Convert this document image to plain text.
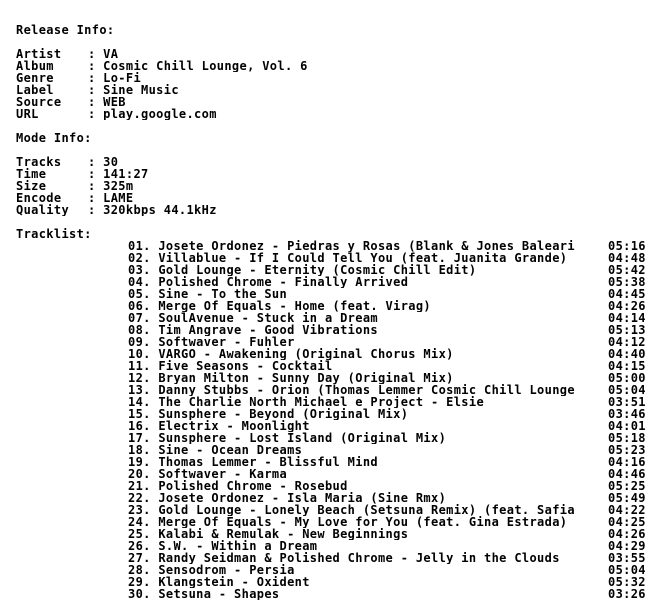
Release Info:
Artist : VA
Album	: Cosmic Chill Lounge, Vol. 6
Genre	: Lo-Fi
Label	: Sine Music
Source : WEB
URL	: play.google.com
Mode Info:
Tracks : 30
Time	: 141:27
Size	: 325m
Encode : LAME
Quality : 320kbps 44.1kHz
Tracklist:
01. Josete Ordonez - Piedras y Rosas (Blank & Jones Baleari	05:16
02. Villablue - If I Could Tell You (feat. Juanita Grande)	04:48
03. Gold Lounge - Eternity (Cosmic Chill Edit)	05:42
04. Polished Chrome - Finally Arrived	05:38
05. Sine - To the Sun	04:45
06. Merge Of Equals - Home (feat. Virag)	04:26
07. SoulAvenue - Stuck in a Dream	04:14
08. Tim Angrave - Good Vibrations	05:13
09. Softwaver - Fuhler	04:12
10. VARGO - Awakening (Original Chorus Mix)	04:40
11. Five Seasons - Cocktail	04:15
12. Bryan Milton - Sunny Day (Original Mix)	05:00
13. Danny Stubbs - Orion (Thomas Lemmer Cosmic Chill Lounge	05:04
14. The Charlie North Michael e Project - Elsie	03:51
15. Sunsphere - Beyond (Original Mix)	03:46
16. Electrix - Moonlight	04:01
17. Sunsphere - Lost Island (Original Mix)	05:18
18. Sine - Ocean Dreams	05:23
19. Thomas Lemmer - Blissful Mind	04:16
20. Softwaver - Karma	04:46
21. Polished Chrome - Rosebud	05:25
22. Josete Ordonez - Isla Maria (Sine Rmx)	05:49
23. Gold Lounge - Lonely Beach (Setsuna Remix) (feat. Safia	04:22
24. Merge Of Equals - My Love for You (feat. Gina Estrada)	04:25
25. Kalabi & Remulak - New Beginnings	04:26
26. S.W. - Within a Dream	04:29
27. Randy Seidman & Polished Chrome - Jelly in the Clouds	03:55
28. Sensodrom - Persia	05:04
29. Klangstein - Oxident	05:32
30. Setsuna - Shapes	03:26
